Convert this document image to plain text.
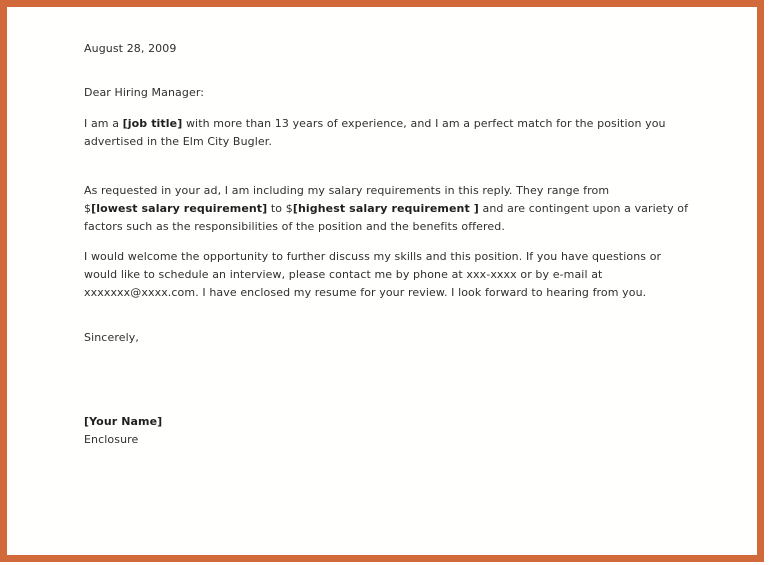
August 28, 2009
Dear Hiring Manager:
I am a [job title] with more than 13 years of experience, and I am a perfect match for the position you
advertised in the Elm City Bugler.
As requested in your ad, I am including my salary requirements in this reply. They range from
$[lowest salary requirement] to $[highest salary requirement ] and are contingent upon a variety of
factors such as the responsibilities of the position and the benefits offered.
I would welcome the opportunity to further discuss my skills and this position. If you have questions or
would like to schedule an interview, please contact me by phone at xxx-xxxx or by e-mail at
xxxxxxx@xxxx.com. I have enclosed my resume for your review. I look forward to hearing from you.
Sincerely,
[Your Name]
Enclosure
